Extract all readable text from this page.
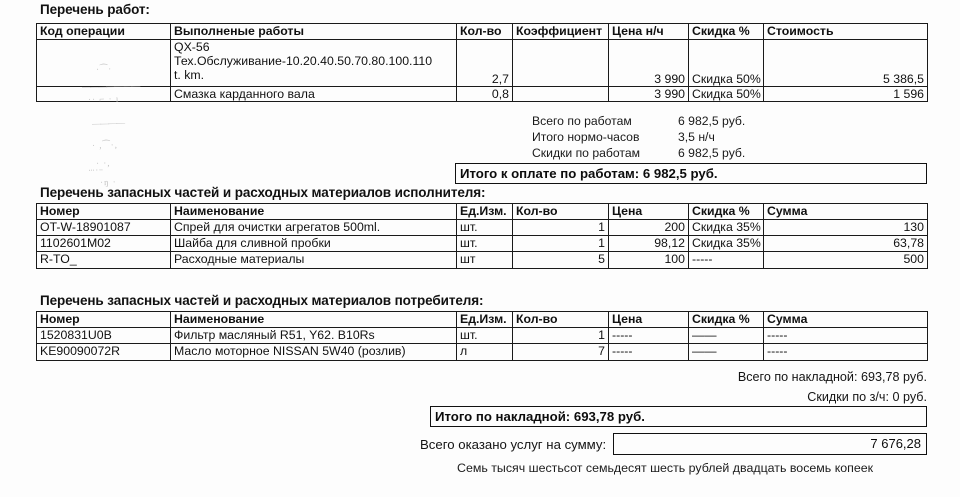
Перечень работ:
Код операции	Выполненые работы	Кол-во	Коэффициент	Цена н/ч	Скидка %	Стоимость

	QX-56
Тех.Обслуживание-10.20.40.50.70.80.100.110
t. km.	2,7		3 990	Скидка 50%	5 386,5
	Смазка карданного вала	0,8		3 990	Скидка 50%	1 596
·⁀·
————— ——
·· ⌐ · ı
————
· ,⁀·,
· ·,
··· · ··
·ŋ ·
Всего по работам	6 982,5 руб.
Итого нормо-часов	3,5 н/ч
Скидки по работам	6 982,5 руб.
Итого к оплате по работам: 6 982,5 руб.
Перечень запасных частей и расходных материалов исполнителя:
Номер	Наименование	Ед.Изм.	Кол-во	Цена	Скидка %	Сумма
OT-W-18901087	Спрей для очистки агрегатов 500ml.	шт.	1	200	Скидка 35%	130
1102601M02	Шайба для сливной пробки	шт.	1	98,12	Скидка 35%	63,78
R-TO_	Расходные материалы	шт	5	100	-----	500
Перечень запасных частей и расходных материалов потребителя:
Номер	Наименование	Ед.Изм.	Кол-во	Цена	Скидка %	Сумма
1520831U0B	Фильтр масляный R51, Y62. B10Rs	шт.	1	-----	——	-----
KE90090072R	Масло моторное NISSAN 5W40 (розлив)	л	7	-----	——	-----
Всего по накладной: 693,78 руб.
Скидки по з/ч: 0 руб.
Итого по накладной: 693,78 руб.
Всего оказано услуг на сумму:	7 676,28
Семь тысяч шестьсот семьдесят шесть рублей двадцать восемь копеек
